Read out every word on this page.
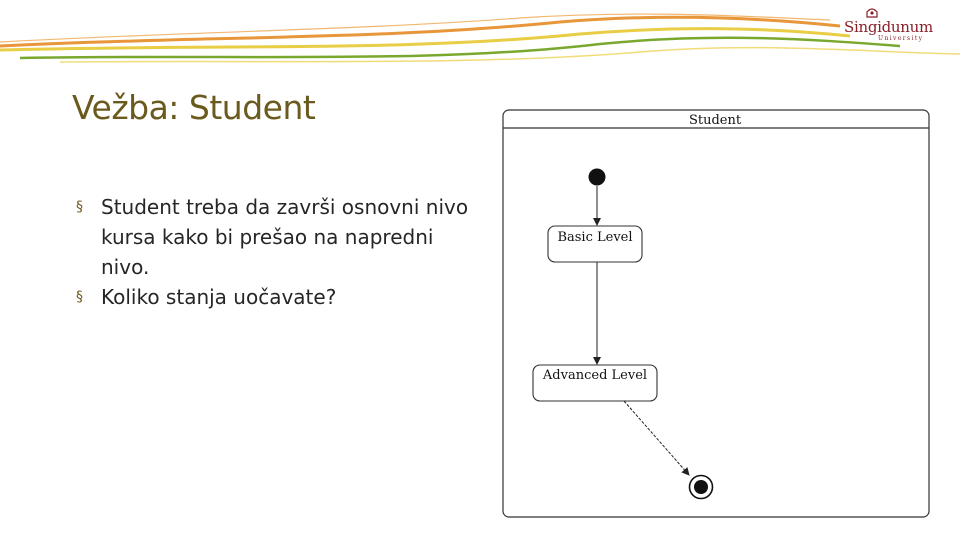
Singidunum
University
Vežba: Student
§ Student treba da završi osnovni nivo kursa kako bi prešao na napredni nivo.
§ Koliko stanja uočavate?
Student
Basic Level
Advanced Level
